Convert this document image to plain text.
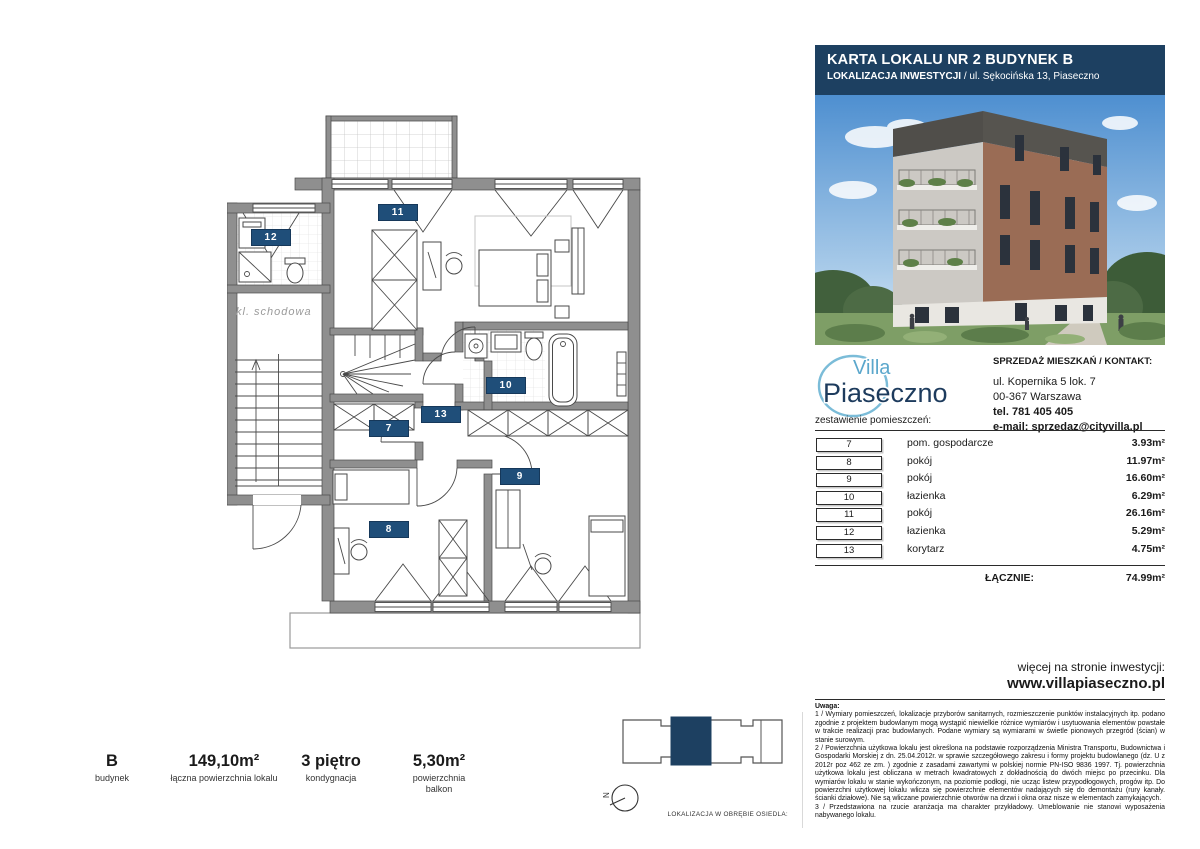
11
12
10
13
7
9
8
kl. schodowa
B
budynek
149,10m²
łączna powierzchnia lokalu
3 piętro
kondygnacja
5,30m²
powierzchnia balkon
N
LOKALIZACJA W OBRĘBIE OSIEDLA:
KARTA LOKALU NR 2 BUDYNEK B
LOKALIZACJA INWESTYCJI / ul. Sękocińska 13, Piaseczno
Villa
Piaseczno
SPRZEDAŻ MIESZKAŃ / KONTAKT:
ul. Kopernika 5 lok. 7
00-367 Warszawa
tel. 781 405 405
e-mail: sprzedaz@cityvilla.pl
zestawienie pomieszczeń:
7	pom. gospodarcze	3.93m²
8	pokój	11.97m²
9	pokój	16.60m²
10	łazienka	6.29m²
11	pokój	26.16m²
12	łazienka	5.29m²
13	korytarz	4.75m²
ŁĄCZNIE:	74.99m²
więcej na stronie inwestycji:
www.villapiaseczno.pl

Uwaga:

1 / Wymiary pomieszczeń, lokalizacje przyborów sanitarnych, rozmieszczenie punktów instalacyjnych itp. podano zgodnie z projektem budowlanym mogą wystąpić niewielkie różnice wymiarów i usytuowania elementów powstałe w trakcie realizacji prac budowlanych. Podane wymiary są wymiarami w świetle pionowych przegród (ścian) w stanie surowym.

2 / Powierzchnia użytkowa lokalu jest określona na podstawie rozporządzenia Ministra Transportu, Budownictwa i Gospodarki Morskiej z dn. 25.04.2012r. w sprawie szczegółowego zakresu i formy projektu budowlanego (dz. U z 2012r poz 462 ze zm. ) zgodnie z zasadami zawartymi w polskiej normie PN-ISO 9836 1997. Tj. powierzchnia użytkowa lokalu jest obliczana w metrach kwadratowych z dokładnością do dwóch miejsc po przecinku. Dla wymiarów lokalu w stanie wykończonym, na poziomie podłogi, nie ucząc listew przypodłogowych, progów itp. Do powierzchni użytkowej lokalu wlicza się powierzchnie elementów nadających się do demontażu (rury kanały. ścianki działowe). Nie są wliczane powierzchnie otworów na drzwi i okna oraz nisze w elementach zamykających.

3 / Przedstawiona na rzucie aranżacja ma charakter przykładowy. Umeblowanie nie stanowi wyposażenia nabywanego lokalu.
